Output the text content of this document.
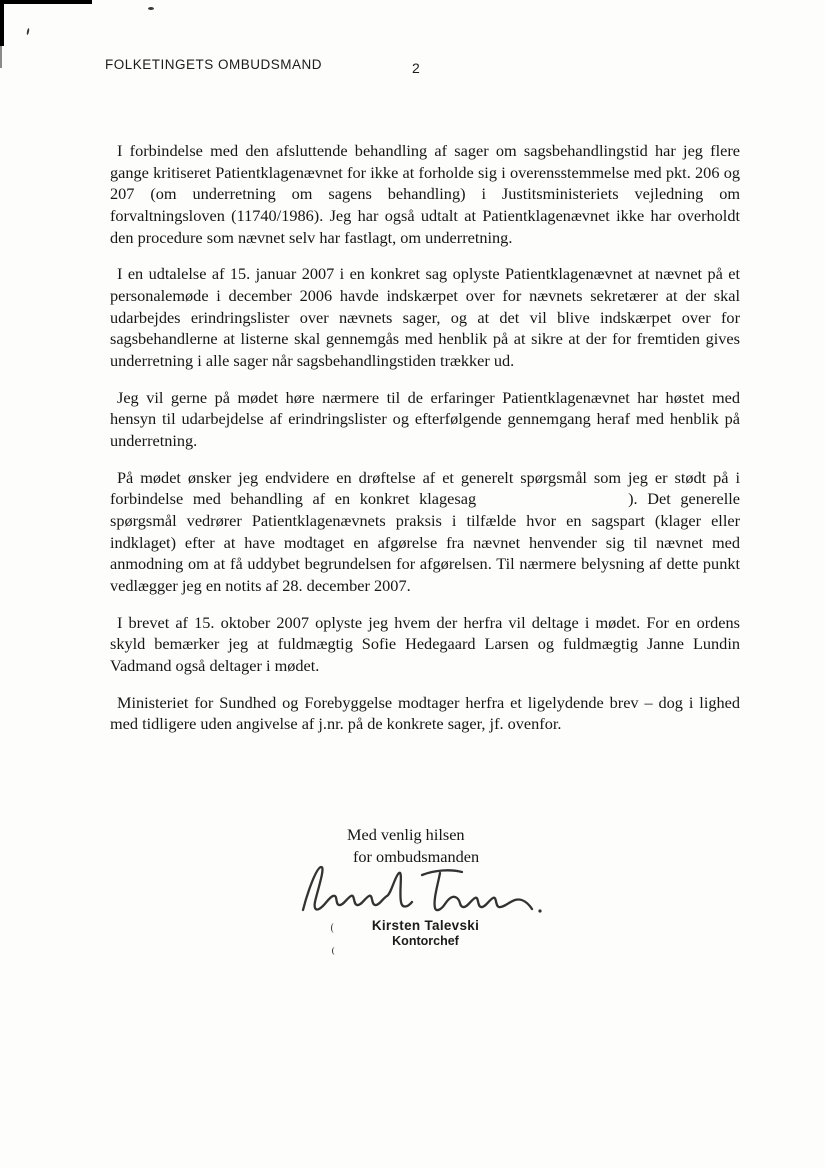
FOLKETINGETS OMBUDSMAND	2

I forbindelse med den afsluttende behandling af sager om sagsbehandlingstid har jeg flere gange kritiseret Patientklagenævnet for ikke at forholde sig i overensstemmelse med pkt. 206 og 207 (om underretning om sagens behandling) i Justitsministeriets vejledning om forvaltningsloven (11740/1986). Jeg har også udtalt at Patientklagenævnet ikke har overholdt den procedure som nævnet selv har fastlagt, om underretning.

I en udtalelse af 15. januar 2007 i en konkret sag oplyste Patientklagenævnet at nævnet på et personalemøde i december 2006 havde indskærpet over for nævnets sekretærer at der skal udarbejdes erindringslister over nævnets sager, og at det vil blive indskærpet over for sagsbehandlerne at listerne skal gennemgås med henblik på at sikre at der for fremtiden gives underretning i alle sager når sagsbehandlingstiden trækker ud.

Jeg vil gerne på mødet høre nærmere til de erfaringer Patientklagenævnet har høstet med hensyn til udarbejdelse af erindringslister og efterfølgende gennemgang heraf med henblik på underretning.

På mødet ønsker jeg endvidere en drøftelse af et generelt spørgsmål som jeg er stødt på i forbindelse med behandling af en konkret klagesag	). Det generelle spørgsmål vedrører Patientklagenævnets praksis i tilfælde hvor en sagspart (klager eller indklaget) efter at have modtaget en afgørelse fra nævnet henvender sig til nævnet med anmodning om at få uddybet begrundelsen for afgørelsen. Til nærmere belysning af dette punkt vedlægger jeg en notits af 28. december 2007.

I brevet af 15. oktober 2007 oplyste jeg hvem der herfra vil deltage i mødet. For en ordens skyld bemærker jeg at fuldmægtig Sofie Hedegaard Larsen og fuldmægtig Janne Lundin Vadmand også deltager i mødet.

Ministeriet for Sundhed og Forebyggelse modtager herfra et ligelydende brev – dog i lighed med tidligere uden angivelse af j.nr. på de konkrete sager, jf. ovenfor.

Med venlig hilsen
for ombudsmanden
Kirsten Talevski
Kontorchef
